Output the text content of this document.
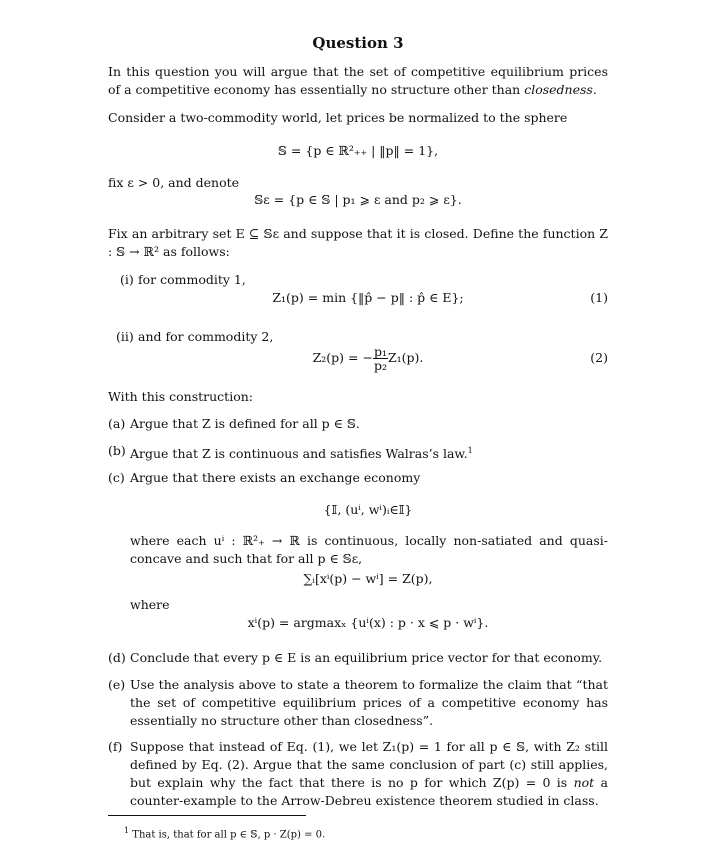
Question 3
In this question you will argue that the set of competitive equilibrium prices of a competitive economy has essentially no structure other than closedness.
Consider a two-commodity world, let prices be normalized to the sphere
𝕊 = {p ∈ ℝ²₊₊ | ‖p‖ = 1},
fix ε > 0, and denote
𝕊ε = {p ∈ 𝕊 | p₁ ⩾ ε and p₂ ⩾ ε}.
Fix an arbitrary set E ⊆ 𝕊ε and suppose that it is closed. Define the function Z : 𝕊 → ℝ² as follows:
(i) for commodity 1,
Z₁(p) = min {‖p̂ − p‖ : p̂ ∈ E};	(1)
(ii) and for commodity 2,
Z₂(p) = − $\frac{\text{p₁}}{\text{p₂}} Z_1(p)$.	(2)
With this construction:
(a) Argue that Z is defined for all p ∈ 𝕊.
(b) Argue that Z is continuous and satisfies Walras’s law.$^1$
(c) Argue that there exists an exchange economy
{𝕀, (uⁱ, wⁱ)ᵢ∈𝕀}
where each uⁱ : ℝ²₊ → ℝ is continuous, locally non-satiated and quasi-concave and such that for all p ∈ 𝕊ε,
∑ᵢ[xⁱ(p) − wⁱ] = Z(p),
where
xⁱ(p) = argmaxₓ {uⁱ(x) : p · x ⩽ p · wⁱ}.
(d) Conclude that every p ∈ E is an equilibrium price vector for that economy.
(e) Use the analysis above to state a theorem to formalize the claim that “that the set of competitive equilibrium prices of a competitive economy has essentially no structure other than closedness”.
(f) Suppose that instead of Eq. (1), we let Z₁(p) = 1 for all p ∈ 𝕊, with Z₂ still defined by Eq. (2). Argue that the same conclusion of part (c) still applies, but explain why the fact that there is no p for which Z(p) = 0 is not a counter-example to the Arrow-Debreu existence theorem studied in class.
$^1$ That is, that for all p ∈ 𝕊, p · Z(p) = 0.
